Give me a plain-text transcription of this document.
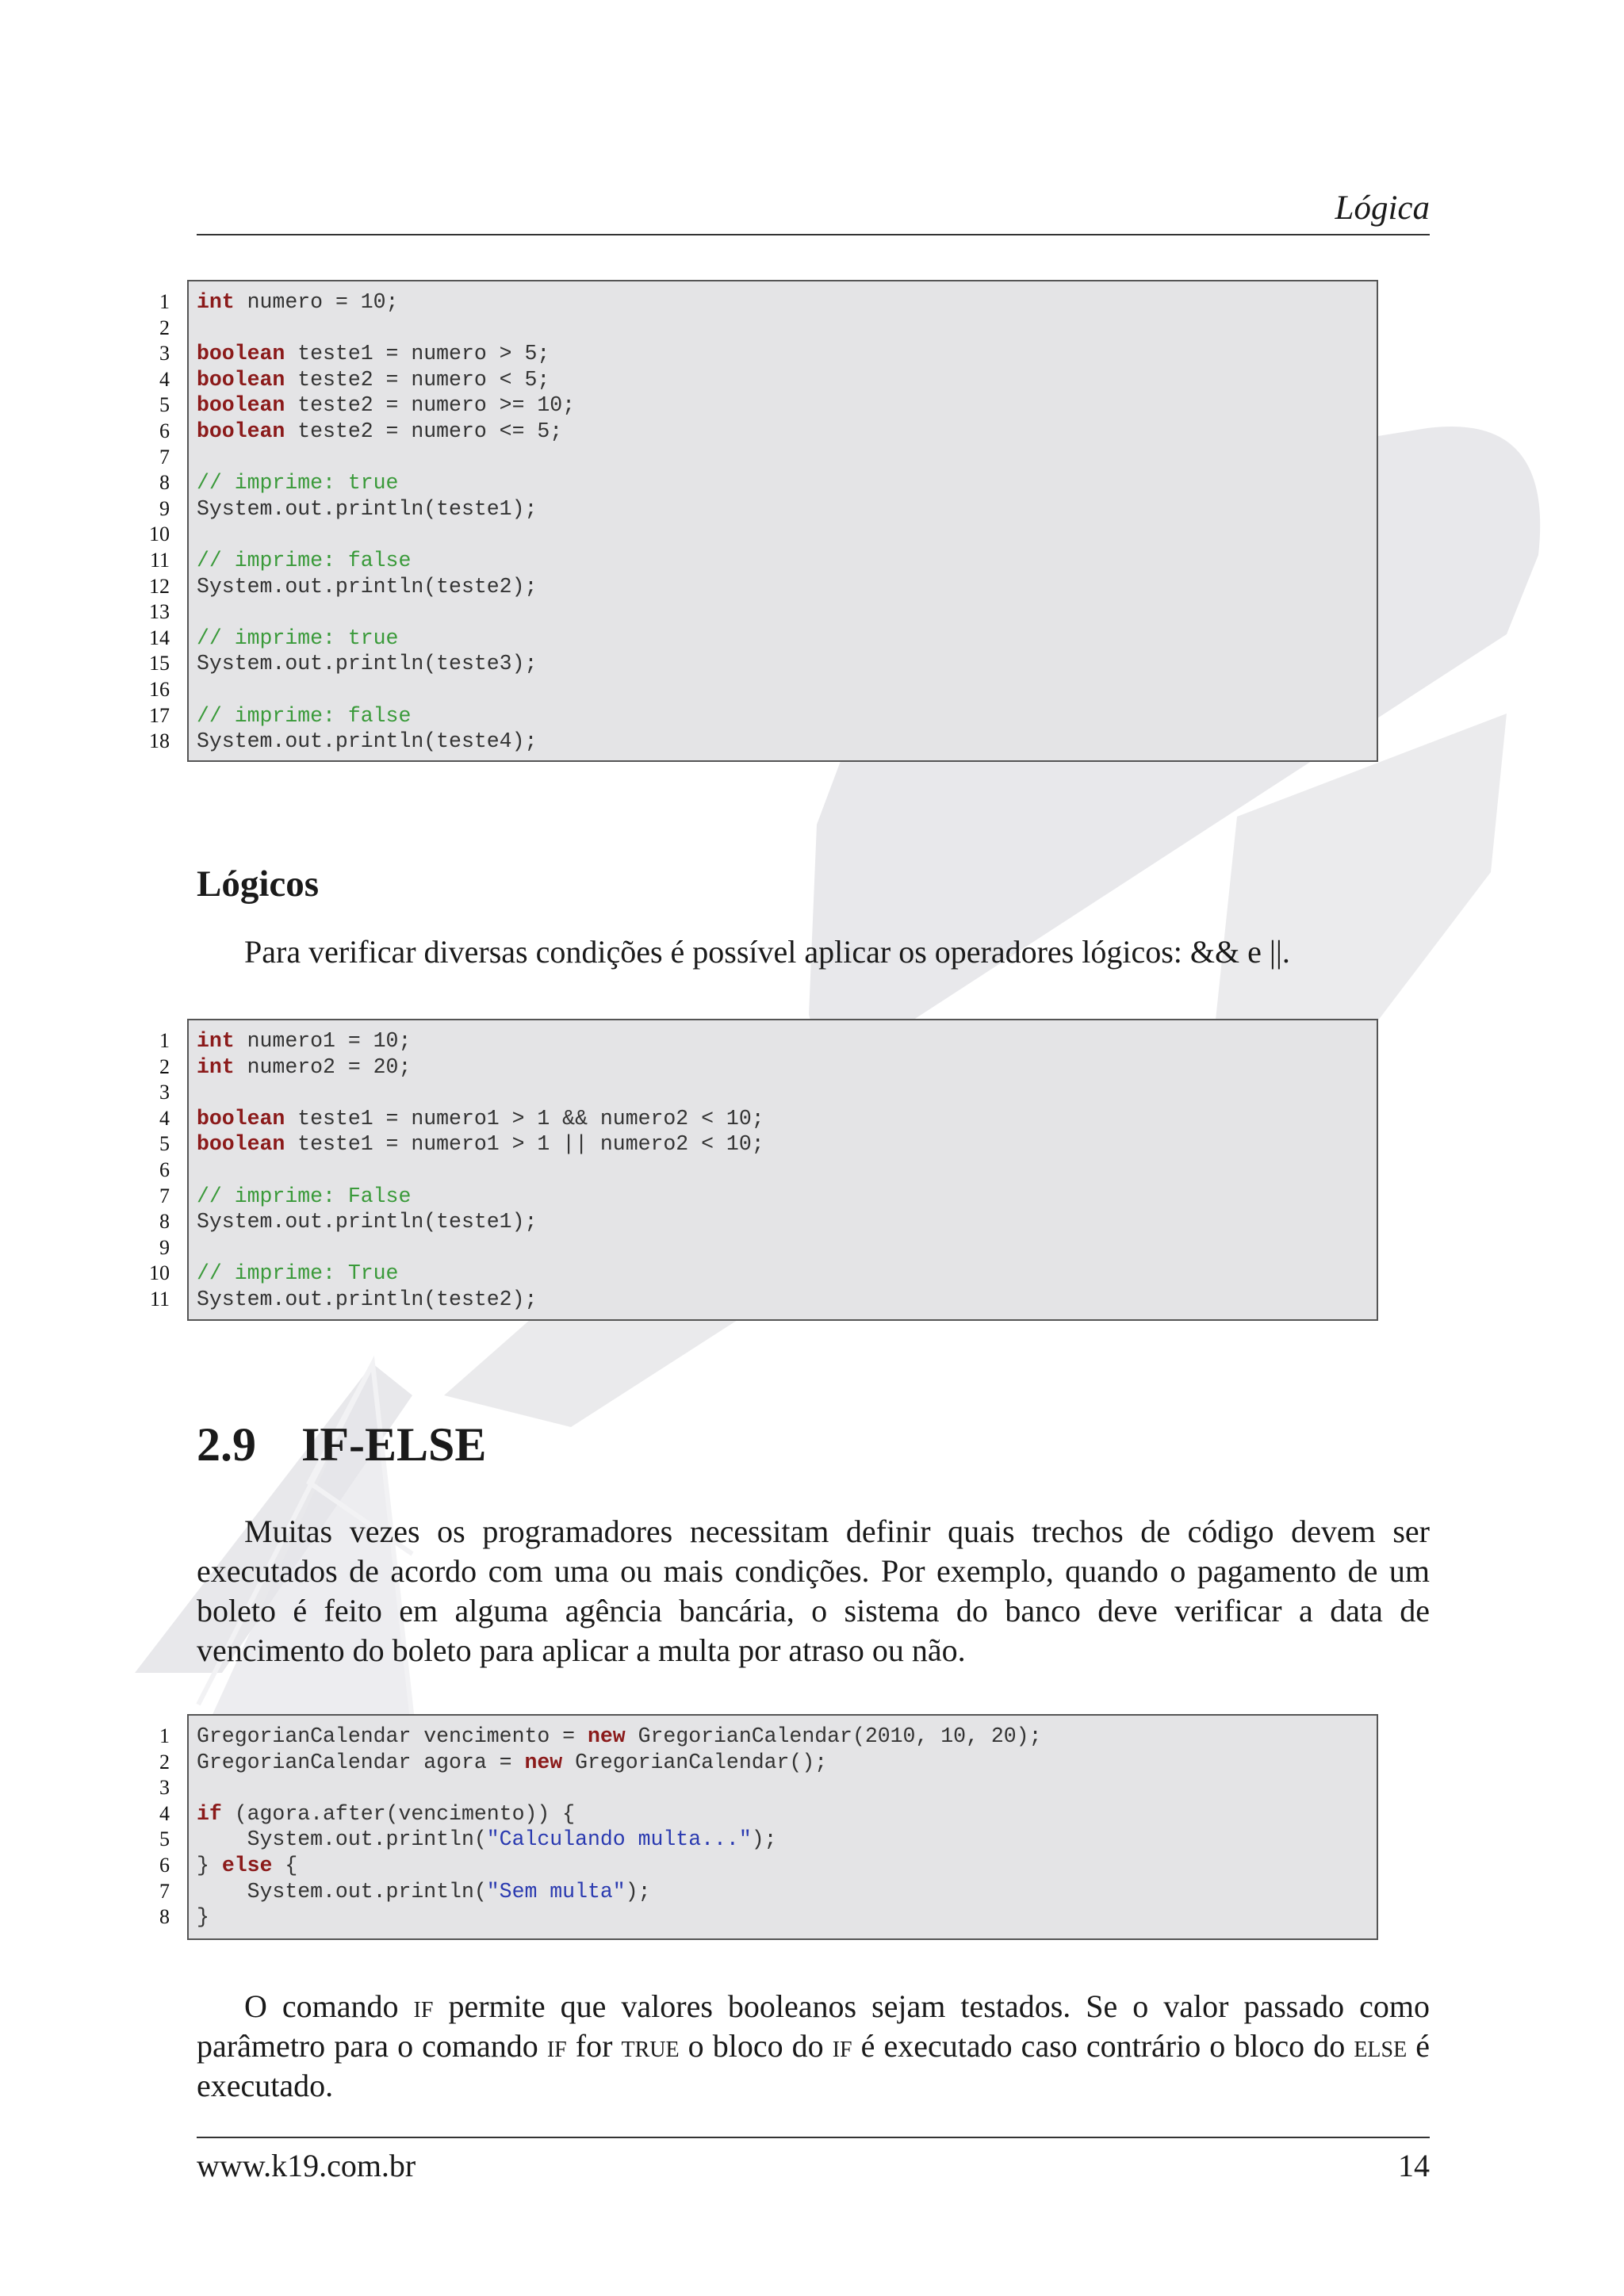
Lógica
1 int numero = 10;
2
3 boolean teste1 = numero > 5;
4 boolean teste2 = numero < 5;
5 boolean teste2 = numero >= 10;
6 boolean teste2 = numero <= 5;
7
8 // imprime: true
9 System.out.println(teste1);
10
11 // imprime: false
12 System.out.println(teste2);
13
14 // imprime: true
15 System.out.println(teste3);
16
17 // imprime: false
18 System.out.println(teste4);
Lógicos
Para verificar diversas condições é possível aplicar os operadores lógicos: && e ||.
1 int numero1 = 10;
2 int numero2 = 20;
3
4 boolean teste1 = numero1 > 1 && numero2 < 10;
5 boolean teste1 = numero1 > 1 || numero2 < 10;
6
7 // imprime: False
8 System.out.println(teste1);
9
10 // imprime: True
11 System.out.println(teste2);
2.9 IF-ELSE
Muitas vezes os programadores necessitam definir quais trechos de código devem ser executados de acordo com uma ou mais condições. Por exemplo, quando o pagamento de um boleto é feito em alguma agência bancária, o sistema do banco deve verificar a data de vencimento do boleto para aplicar a multa por atraso ou não.
1 GregorianCalendar vencimento = new GregorianCalendar(2010, 10, 20);
2 GregorianCalendar agora = new GregorianCalendar();
3
4 if (agora.after(vencimento)) {
5 System.out.println("Calculando multa...");
6 } else {
7 System.out.println("Sem multa");
8 }
O comando if permite que valores booleanos sejam testados. Se o valor passado como parâmetro para o comando if for true o bloco do if é executado caso contrário o bloco do else é executado.
www.k19.com.br	14
